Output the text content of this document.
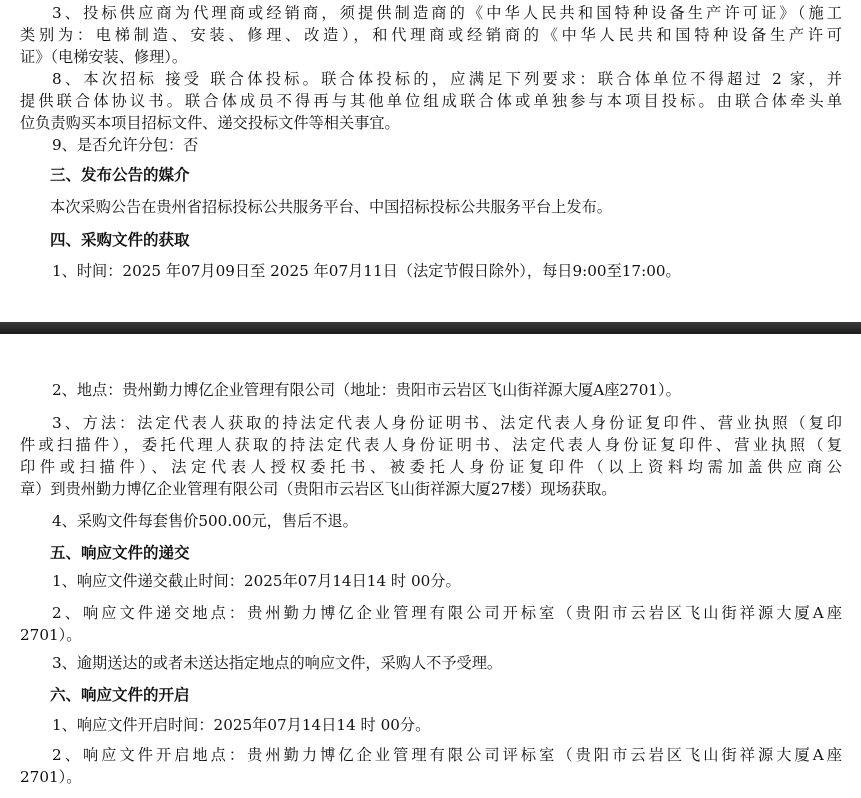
3、投标供应商为代理商或经销商，须提供制造商的《中华人民共和国特种设备生产许可证》（施工
类别为：电梯制造、安装、修理、改造），和代理商或经销商的《中华人民共和国特种设备生产许可
证》（电梯安装、修理）。
8、本次招标 接受 联合体投标。联合体投标的，应满足下列要求：联合体单位不得超过 2 家，并
提供联合体协议书。联合体成员不得再与其他单位组成联合体或单独参与本项目投标。由联合体牵头单
位负责购买本项目招标文件、递交投标文件等相关事宜。
9、是否允许分包：否
三、发布公告的媒介
本次采购公告在贵州省招标投标公共服务平台、中国招标投标公共服务平台上发布。
四、采购文件的获取
1、时间：2025 年07月09日至 2025 年07月11日（法定节假日除外），每日9:00至17:00。
2、地点：贵州勤力博亿企业管理有限公司（地址：贵阳市云岩区飞山街祥源大厦A座2701）。
3、方法：法定代表人获取的持法定代表人身份证明书、法定代表人身份证复印件、营业执照（复印
件或扫描件），委托代理人获取的持法定代表人身份证明书、法定代表人身份证复印件、营业执照（复
印件或扫描件）、法定代表人授权委托书、被委托人身份证复印件（以上资料均需加盖供应商公
章）到贵州勤力博亿企业管理有限公司（贵阳市云岩区飞山街祥源大厦27楼）现场获取。
4、采购文件每套售价500.00元，售后不退。
五、响应文件的递交
1、响应文件递交截止时间：2025年07月14日14 时 00分。
2、响应文件递交地点：贵州勤力博亿企业管理有限公司开标室（贵阳市云岩区飞山街祥源大厦A座
2701）。
3、逾期送达的或者未送达指定地点的响应文件，采购人不予受理。
六、响应文件的开启
1、响应文件开启时间：2025年07月14日14 时 00分。
2、响应文件开启地点：贵州勤力博亿企业管理有限公司评标室（贵阳市云岩区飞山街祥源大厦A座
2701）。
